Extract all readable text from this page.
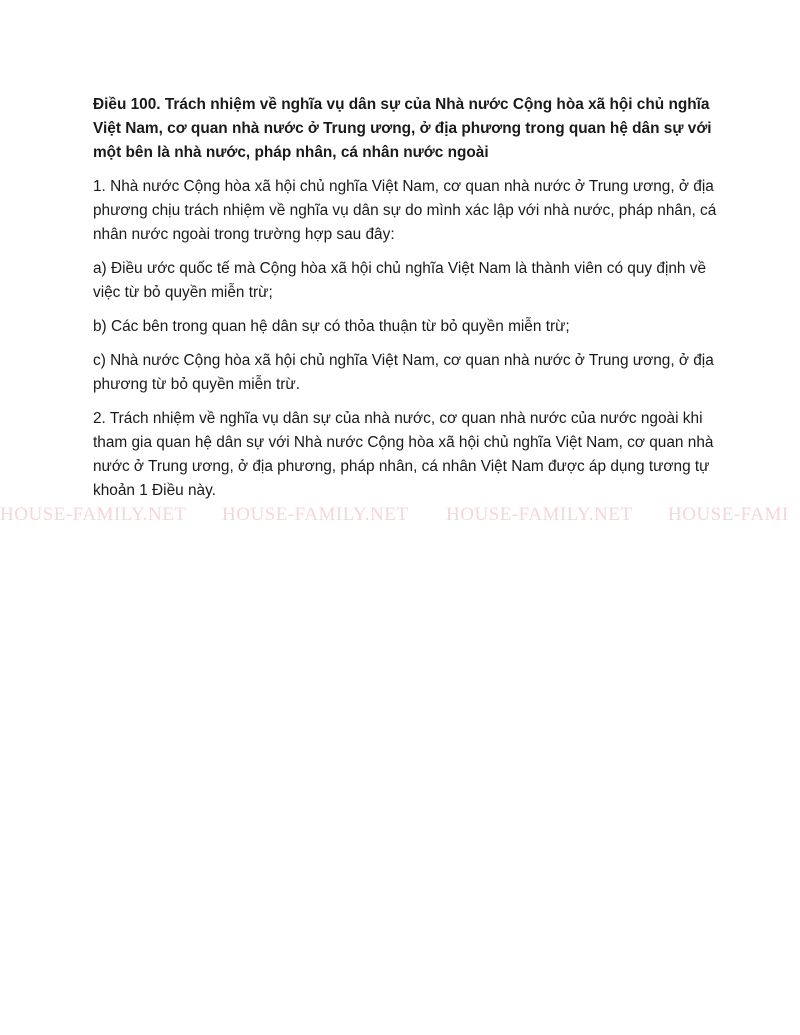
Điều 100. Trách nhiệm về nghĩa vụ dân sự của Nhà nước Cộng hòa xã hội chủ nghĩa Việt Nam, cơ quan nhà nước ở Trung ương, ở địa phương trong quan hệ dân sự với một bên là nhà nước, pháp nhân, cá nhân nước ngoài

1. Nhà nước Cộng hòa xã hội chủ nghĩa Việt Nam, cơ quan nhà nước ở Trung ương, ở địa phương chịu trách nhiệm về nghĩa vụ dân sự do mình xác lập với nhà nước, pháp nhân, cá nhân nước ngoài trong trường hợp sau đây:

a) Điều ước quốc tế mà Cộng hòa xã hội chủ nghĩa Việt Nam là thành viên có quy định về việc từ bỏ quyền miễn trừ;

b) Các bên trong quan hệ dân sự có thỏa thuận từ bỏ quyền miễn trừ;

c) Nhà nước Cộng hòa xã hội chủ nghĩa Việt Nam, cơ quan nhà nước ở Trung ương, ở địa phương từ bỏ quyền miễn trừ.

2. Trách nhiệm về nghĩa vụ dân sự của nhà nước, cơ quan nhà nước của nước ngoài khi tham gia quan hệ dân sự với Nhà nước Cộng hòa xã hội chủ nghĩa Việt Nam, cơ quan nhà nước ở Trung ương, ở địa phương, pháp nhân, cá nhân Việt Nam được áp dụng tương tự khoản 1 Điều này.

HOUSE-FAMILY.NET HOUSE-FAMILY.NET HOUSE-FAMILY.NET HOUSE-FAMI
